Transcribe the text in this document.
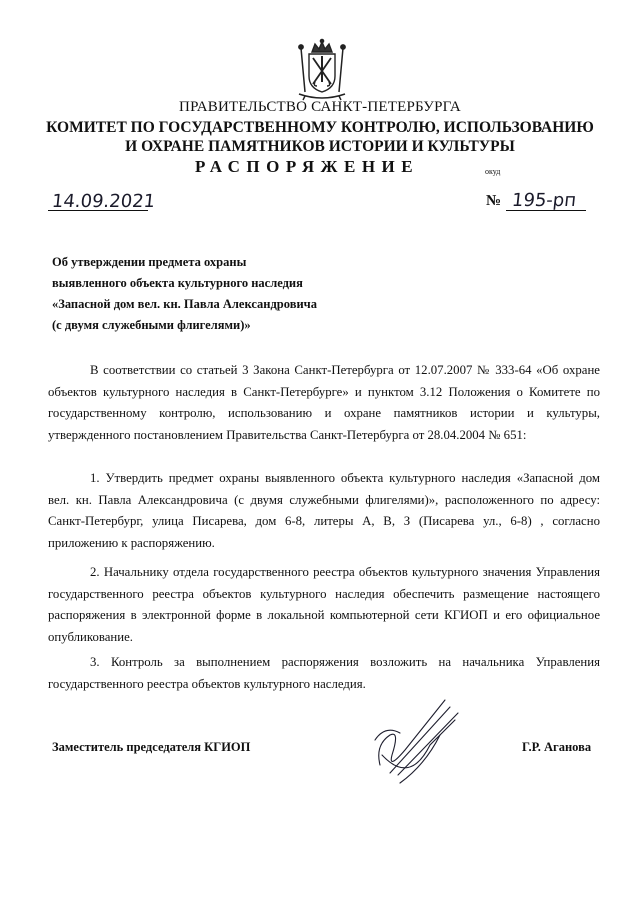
ПРАВИТЕЛЬСТВО САНКТ-ПЕТЕРБУРГА
КОМИТЕТ ПО ГОСУДАРСТВЕННОМУ КОНТРОЛЮ, ИСПОЛЬЗОВАНИЮ
И ОХРАНЕ ПАМЯТНИКОВ ИСТОРИИ И КУЛЬТУРЫ
РАСПОРЯЖЕНИЕ	окуд
14.09.2021	№ 195-рп
Об утверждении предмета охраны
выявленного объекта культурного наследия
«Запасной дом вел. кн. Павла Александровича
(с двумя служебными флигелями)»

В соответствии со статьей 3 Закона Санкт-Петербурга от 12.07.2007 № 333-64 «Об охране объектов культурного наследия в Санкт-Петербурге» и пунктом 3.12 Положения о Комитете по государственному контролю, использованию и охране памятников истории и культуры, утвержденного постановлением Правительства Санкт-Петербурга от 28.04.2004 № 651:

1. Утвердить предмет охраны выявленного объекта культурного наследия «Запасной дом вел. кн. Павла Александровича (с двумя служебными флигелями)», расположенного по адресу: Санкт-Петербург, улица Писарева, дом 6-8, литеры А, В, З (Писарева ул., 6-8) , согласно приложению к распоряжению.

2. Начальнику отдела государственного реестра объектов культурного значения Управления государственного реестра объектов культурного наследия обеспечить размещение настоящего распоряжения в электронной форме в локальной компьютерной сети КГИОП и его официальное опубликование.

3. Контроль за выполнением распоряжения возложить на начальника Управления государственного реестра объектов культурного наследия.

Заместитель председателя КГИОП	Г.Р. Аганова
